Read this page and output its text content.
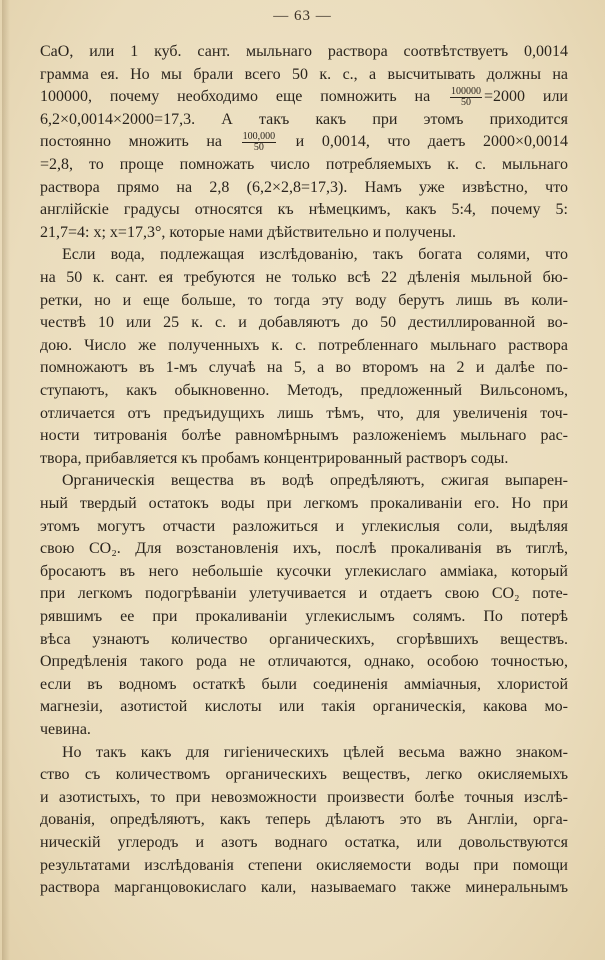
— 63 —
CaO, или 1 куб. сант. мыльнаго раствора соотвѣтствуетъ 0,0014
грамма ея. Но мы брали всего 50 к. с., а высчитывать должны на
100000, почему необходимо еще помножить на $\frac{100000}{50} =2000$ или
6,2×0,0014×2000=17,3. А такъ какъ при этомъ приходится
постоянно множить на $\frac{100,000}{50}$ и 0,0014, что даетъ 2000×0,0014
=2,8, то проще помножать число потребляемыхъ к. с. мыльнаго
раствора прямо на 2,8 (6,2×2,8=17,3). Намъ уже извѣстно, что
англійскіе градусы относятся къ нѣмецкимъ, какъ 5:4, почему 5:
21,7=4: x; x=17,3°, которые нами дѣйствительно и получены.
Если вода, подлежащая изслѣдованію, такъ богата солями, что
на 50 к. сант. ея требуются не только всѣ 22 дѣленія мыльной бю-
ретки, но и еще больше, то тогда эту воду берутъ лишь въ коли-
чествѣ 10 или 25 к. с. и добавляютъ до 50 дестиллированной во-
дою. Число же полученныхъ к. с. потребленнаго мыльнаго раствора
помножаютъ въ 1-мъ случаѣ на 5, а во второмъ на 2 и далѣе по-
ступаютъ, какъ обыкновенно. Методъ, предложенный Вильсономъ,
отличается отъ предъидущихъ лишь тѣмъ, что, для увеличенія точ-
ности титрованія болѣе равномѣрнымъ разложеніемъ мыльнаго рас-
твора, прибавляется къ пробамъ концентрированный растворъ соды.
Органическія вещества въ водѣ опредѣляютъ, сжигая выпарен-
ный твердый остатокъ воды при легкомъ прокаливаніи его. Но при
этомъ могутъ отчасти разложиться и углекислыя соли, выдѣляя
свою CO₂. Для возстановленія ихъ, послѣ прокаливанія въ тиглѣ,
бросаютъ въ него небольшіе кусочки углекислаго аммiака, который
при легкомъ подогрѣваніи улетучивается и отдаетъ свою CO₂ поте-
рявшимъ ее при прокаливаніи углекислымъ солямъ. По потерѣ
вѣса узнаютъ количество органическихъ, сгорѣвшихъ веществъ.
Опредѣленія такого рода не отличаются, однако, особою точностью,
если въ водномъ остаткѣ были соединенія амміачныя, хлористой
магнезіи, азотистой кислоты или такія органическія, какова мо-
чевина.
Но такъ какъ для гигіеническихъ цѣлей весьма важно знаком-
ство съ количествомъ органическихъ веществъ, легко окисляемыхъ
и азотистыхъ, то при невозможности произвести болѣе точныя изслѣ-
дованія, опредѣляютъ, какъ теперь дѣлаютъ это въ Англіи, орга-
ническій углеродъ и азотъ воднаго остатка, или довольствуются
результатами изслѣдованія степени окисляемости воды при помощи
раствора марганцовокислаго кали, называемаго также минеральнымъ
